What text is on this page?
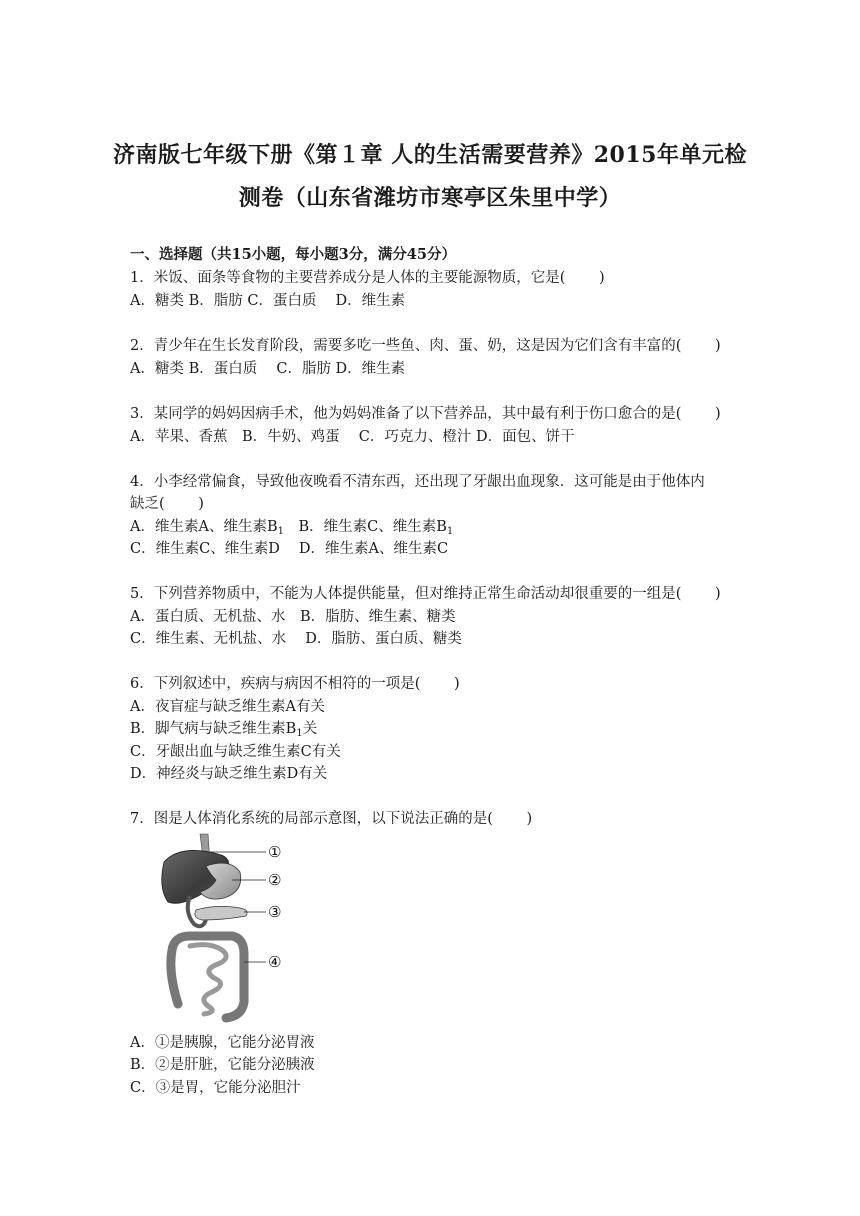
济南版七年级下册《第１章 人的生活需要营养》2015年单元检
测卷（山东省潍坊市寒亭区朱里中学）
一、选择题（共15小题，每小题3分，满分45分）
1．米饭、面条等食物的主要营养成分是人体的主要能源物质，它是(　　 )
A．糖类 B．脂肪 C．蛋白质　 D．维生素
2．青少年在生长发育阶段，需要多吃一些鱼、肉、蛋、奶，这是因为它们含有丰富的(　　 )
A．糖类 B．蛋白质　 C．脂肪 D．维生素
3．某同学的妈妈因病手术，他为妈妈准备了以下营养品，其中最有利于伤口愈合的是(　　 )
A．苹果、香蕉　B．牛奶、鸡蛋　 C．巧克力、橙汁 D．面包、饼干
4．小李经常偏食，导致他夜晚看不清东西，还出现了牙龈出血现象．这可能是由于他体内
缺乏(　　 )
A．维生素A、维生素$B_1$　B．维生素C、维生素$B_1$
C．维生素C、维生素D　 D．维生素A、维生素C
5．下列营养物质中，不能为人体提供能量，但对维持正常生命活动却很重要的一组是(　　 )
A．蛋白质、无机盐、水　B．脂肪、维生素、糖类
C．维生素、无机盐、水　 D．脂肪、蛋白质、糖类
6．下列叙述中，疾病与病因不相符的一项是(　　 )
A．夜盲症与缺乏维生素A有关
B．脚气病与缺乏维生素$B_1$关
C．牙龈出血与缺乏维生素C有关
D．神经炎与缺乏维生素D有关
7．图是人体消化系统的局部示意图，以下说法正确的是(　　 )
①
②
③
④
A．①是胰腺，它能分泌胃液
B．②是肝脏，它能分泌胰液
C．③是胃，它能分泌胆汁
